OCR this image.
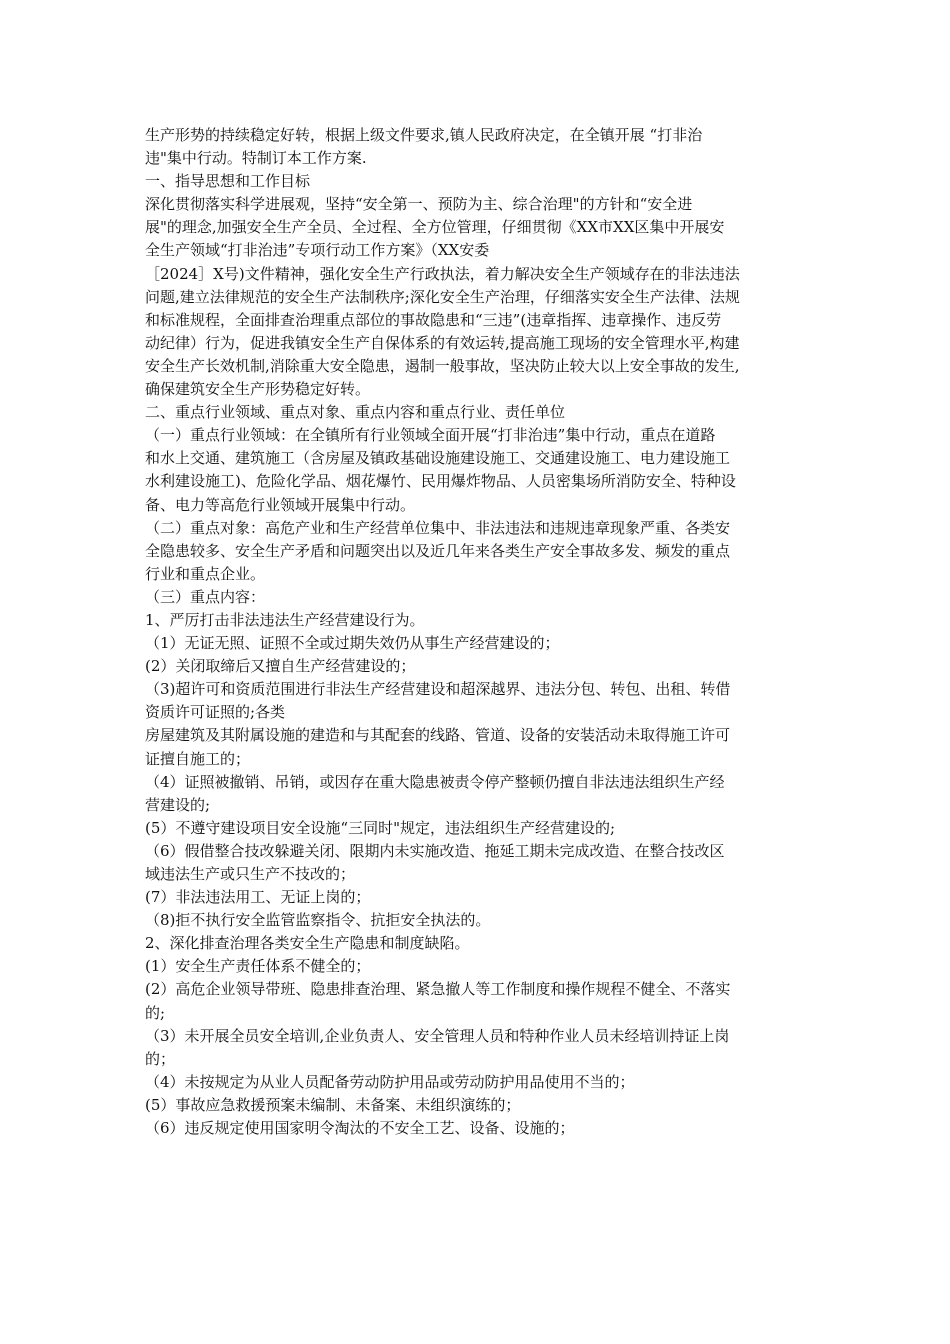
生产形势的持续稳定好转，根据上级文件要求,镇人民政府决定，在全镇开展 “打非治

违"集中行动。特制订本工作方案.

一、指导思想和工作目标

深化贯彻落实科学进展观，坚持“安全第一、预防为主、综合治理"的方针和“安全进

展"的理念,加强安全生产全员、全过程、全方位管理，仔细贯彻《XX市XX区集中开展安

全生产领域“打非治违”专项行动工作方案》（XX安委

［2024］X号)文件精神，强化安全生产行政执法，着力解决安全生产领域存在的非法违法

问题,建立法律规范的安全生产法制秩序;深化安全生产治理，仔细落实安全生产法律、法规

和标准规程，全面排查治理重点部位的事故隐患和“三违”(违章指挥、违章操作、违反劳

动纪律）行为，促进我镇安全生产自保体系的有效运转,提高施工现场的安全管理水平,构建

安全生产长效机制,消除重大安全隐患，遏制一般事故，坚决防止较大以上安全事故的发生,

确保建筑安全生产形势稳定好转。

二、重点行业领域、重点对象、重点内容和重点行业、责任单位

（一）重点行业领域：在全镇所有行业领域全面开展“打非治违”集中行动，重点在道路

和水上交通、建筑施工（含房屋及镇政基础设施建设施工、交通建设施工、电力建设施工

水利建设施工)、危险化学品、烟花爆竹、民用爆炸物品、人员密集场所消防安全、特种设

备、电力等高危行业领域开展集中行动。

（二）重点对象：高危产业和生产经营单位集中、非法违法和违规违章现象严重、各类安

全隐患较多、安全生产矛盾和问题突出以及近几年来各类生产安全事故多发、频发的重点

行业和重点企业。

（三）重点内容：

1、严厉打击非法违法生产经营建设行为。

（1）无证无照、证照不全或过期失效仍从事生产经营建设的；

(2）关闭取缔后又擅自生产经营建设的；

（3)超许可和资质范围进行非法生产经营建设和超深越界、违法分包、转包、出租、转借

资质许可证照的;各类

房屋建筑及其附属设施的建造和与其配套的线路、管道、设备的安装活动未取得施工许可

证擅自施工的；

（4）证照被撤销、吊销，或因存在重大隐患被责令停产整顿仍擅自非法违法组织生产经

营建设的;

(5）不遵守建设项目安全设施“三同时"规定，违法组织生产经营建设的;

（6）假借整合技改躲避关闭、限期内未实施改造、拖延工期未完成改造、在整合技改区

域违法生产或只生产不技改的；

(7）非法违法用工、无证上岗的；

（8)拒不执行安全监管监察指令、抗拒安全执法的。

2、深化排查治理各类安全生产隐患和制度缺陷。

(1）安全生产责任体系不健全的；

(2）高危企业领导带班、隐患排查治理、紧急撤人等工作制度和操作规程不健全、不落实

的;

（3）未开展全员安全培训,企业负责人、安全管理人员和特种作业人员未经培训持证上岗

的；

（4）未按规定为从业人员配备劳动防护用品或劳动防护用品使用不当的；

(5）事故应急救援预案未编制、未备案、未组织演练的；

（6）违反规定使用国家明令淘汰的不安全工艺、设备、设施的；
